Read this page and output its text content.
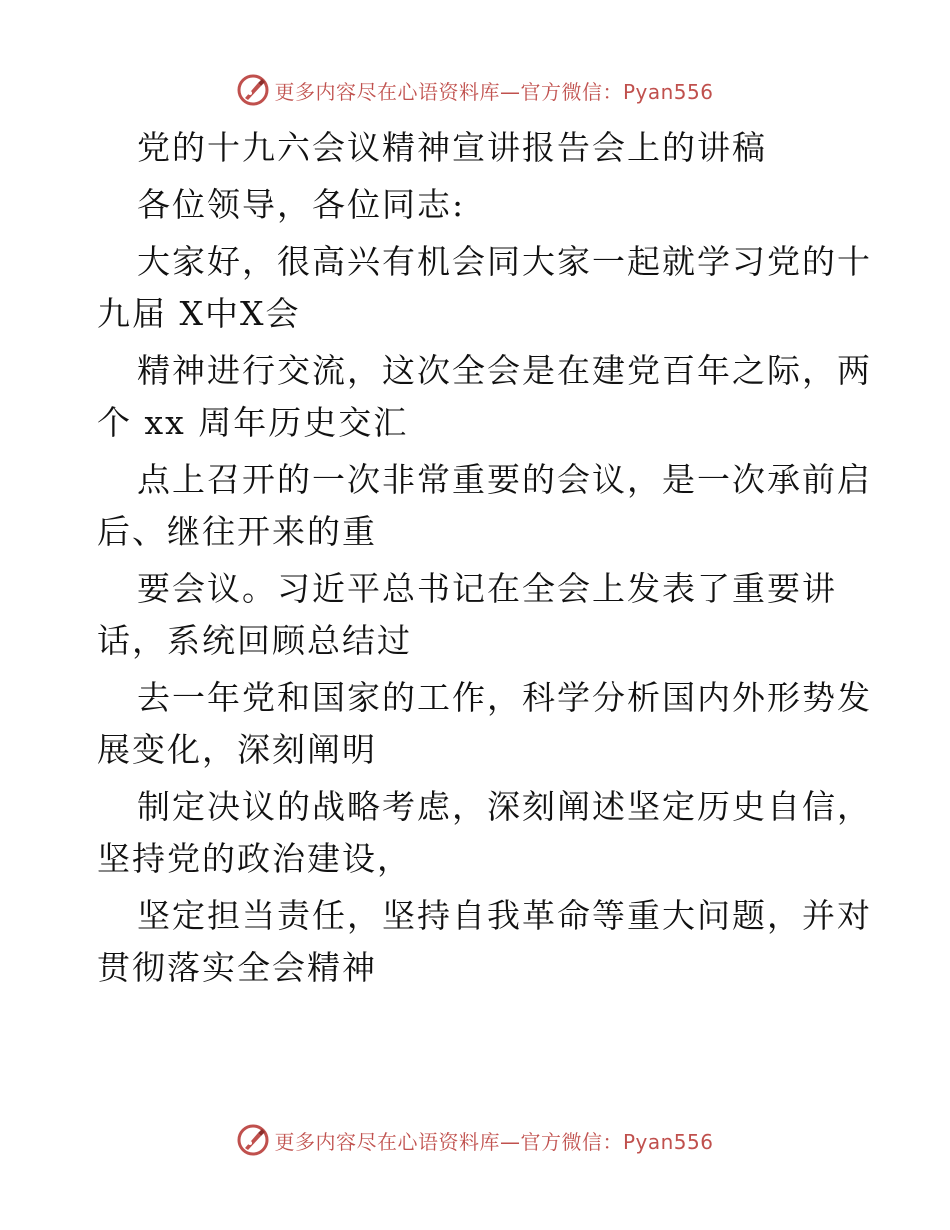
更多内容尽在心语资料库—官方微信：Pyan556
党的十九六会议精神宣讲报告会上的讲稿
各位领导，各位同志:
大家好，很高兴有机会同大家一起就学习党的十
九届 X中X会
精神进行交流，这次全会是在建党百年之际，两
个 xx 周年历史交汇
点上召开的一次非常重要的会议，是一次承前启
后、继往开来的重
要会议。习近平总书记在全会上发表了重要讲
话，系统回顾总结过
去一年党和国家的工作，科学分析国内外形势发
展变化，深刻阐明
制定决议的战略考虑，深刻阐述坚定历史自信，
坚持党的政治建设，
坚定担当责任，坚持自我革命等重大问题，并对
贯彻落实全会精神
更多内容尽在心语资料库—官方微信：Pyan556
